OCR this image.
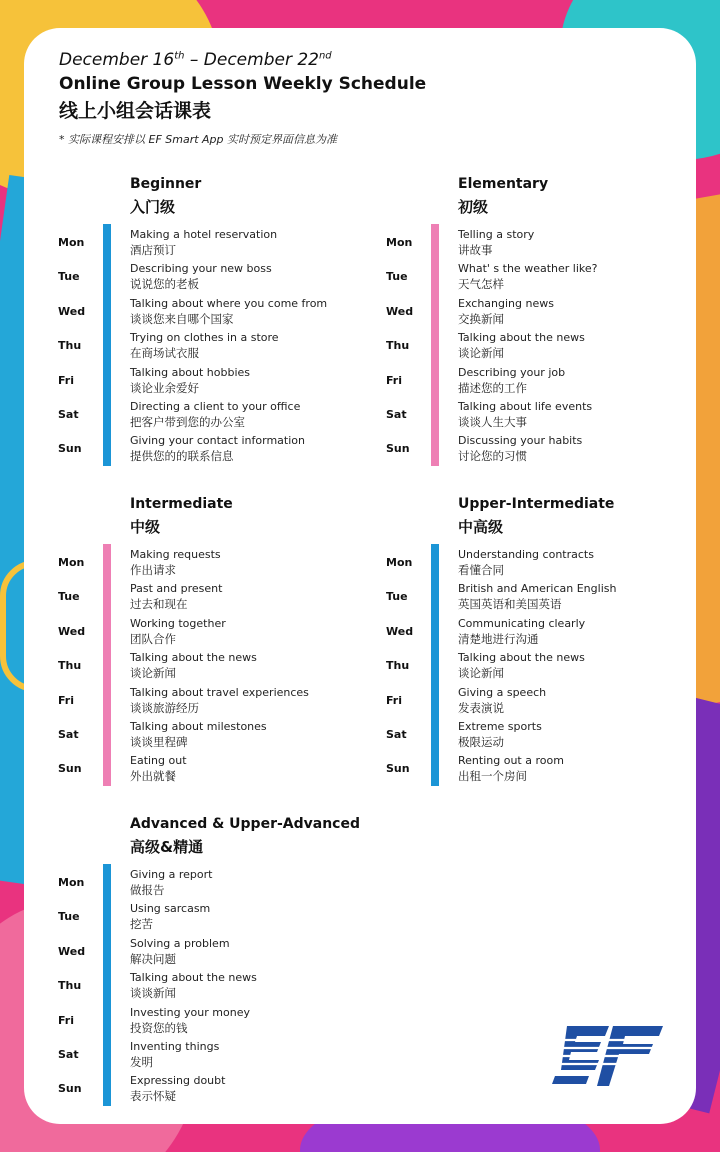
December 16th – December 22nd
Online Group Lesson Weekly Schedule
线上小组会话课表
* 实际课程安排以 EF Smart App 实时预定界面信息为准
Beginner
入门级
Mon
Making a hotel reservation
酒店预订
Tue
Describing your new boss
说说您的老板
Wed
Talking about where you come from
谈谈您来自哪个国家
Thu
Trying on clothes in a store
在商场试衣服
Fri
Talking about hobbies
谈论业余爱好
Sat
Directing a client to your office
把客户带到您的办公室
Sun
Giving your contact information
提供您的的联系信息
Elementary
初级
Mon
Telling a story
讲故事
Tue
What' s the weather like?
天气怎样
Wed
Exchanging news
交换新闻
Thu
Talking about the news
谈论新闻
Fri
Describing your job
描述您的工作
Sat
Talking about life events
谈谈人生大事
Sun
Discussing your habits
讨论您的习惯
Intermediate
中级
Mon
Making requests
作出请求
Tue
Past and present
过去和现在
Wed
Working together
团队合作
Thu
Talking about the news
谈论新闻
Fri
Talking about travel experiences
谈谈旅游经历
Sat
Talking about milestones
谈谈里程碑
Sun
Eating out
外出就餐
Upper-Intermediate
中高级
Mon
Understanding contracts
看懂合同
Tue
British and American English
英国英语和美国英语
Wed
Communicating clearly
清楚地进行沟通
Thu
Talking about the news
谈论新闻
Fri
Giving a speech
发表演说
Sat
Extreme sports
极限运动
Sun
Renting out a room
出租一个房间
Advanced & Upper-Advanced
高级&精通
Mon
Giving a report
做报告
Tue
Using sarcasm
挖苦
Wed
Solving a problem
解决问题
Thu
Talking about the news
谈谈新闻
Fri
Investing your money
投资您的钱
Sat
Inventing things
发明
Sun
Expressing doubt
表示怀疑
